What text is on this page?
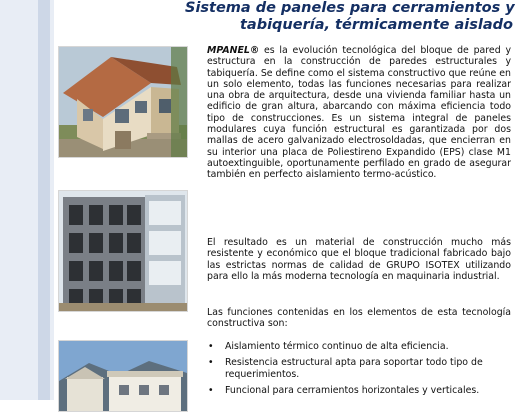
Sistema de paneles para cerramientos y
tabiquería, térmicamente aislado
MPANEL® es la evolución tecnológica del bloque de pared y estructura en la construcción de paredes estructurales y tabiquería. Se define como el sistema constructivo que reúne en un solo elemento, todas las funciones necesarias para realizar una obra de arquitectura, desde una vivienda familiar hasta un edificio de gran altura, abarcando con máxima eficiencia todo tipo de construcciones. Es un sistema integral de paneles modulares cuya función estructural es garantizada por dos mallas de acero galvanizado electrosoldadas, que encierran en su interior una placa de Poliestireno Expandido (EPS) clase M1 autoextinguible, oportunamente perfilado en grado de asegurar también en perfecto aislamiento termo-acústico.
El resultado es un material de construcción mucho más resistente y económico que el bloque tradicional fabricado bajo las estrictas normas de calidad de GRUPO ISOTEX utilizando para ello la más moderna tecnología en maquinaria industrial.
Las funciones contenidas en los elementos de esta tecnología constructiva son:
• Aislamiento térmico continuo de alta eficiencia.
• Resistencia estructural apta para soportar todo tipo de requerimientos.
• Funcional para cerramientos horizontales y verticales.
